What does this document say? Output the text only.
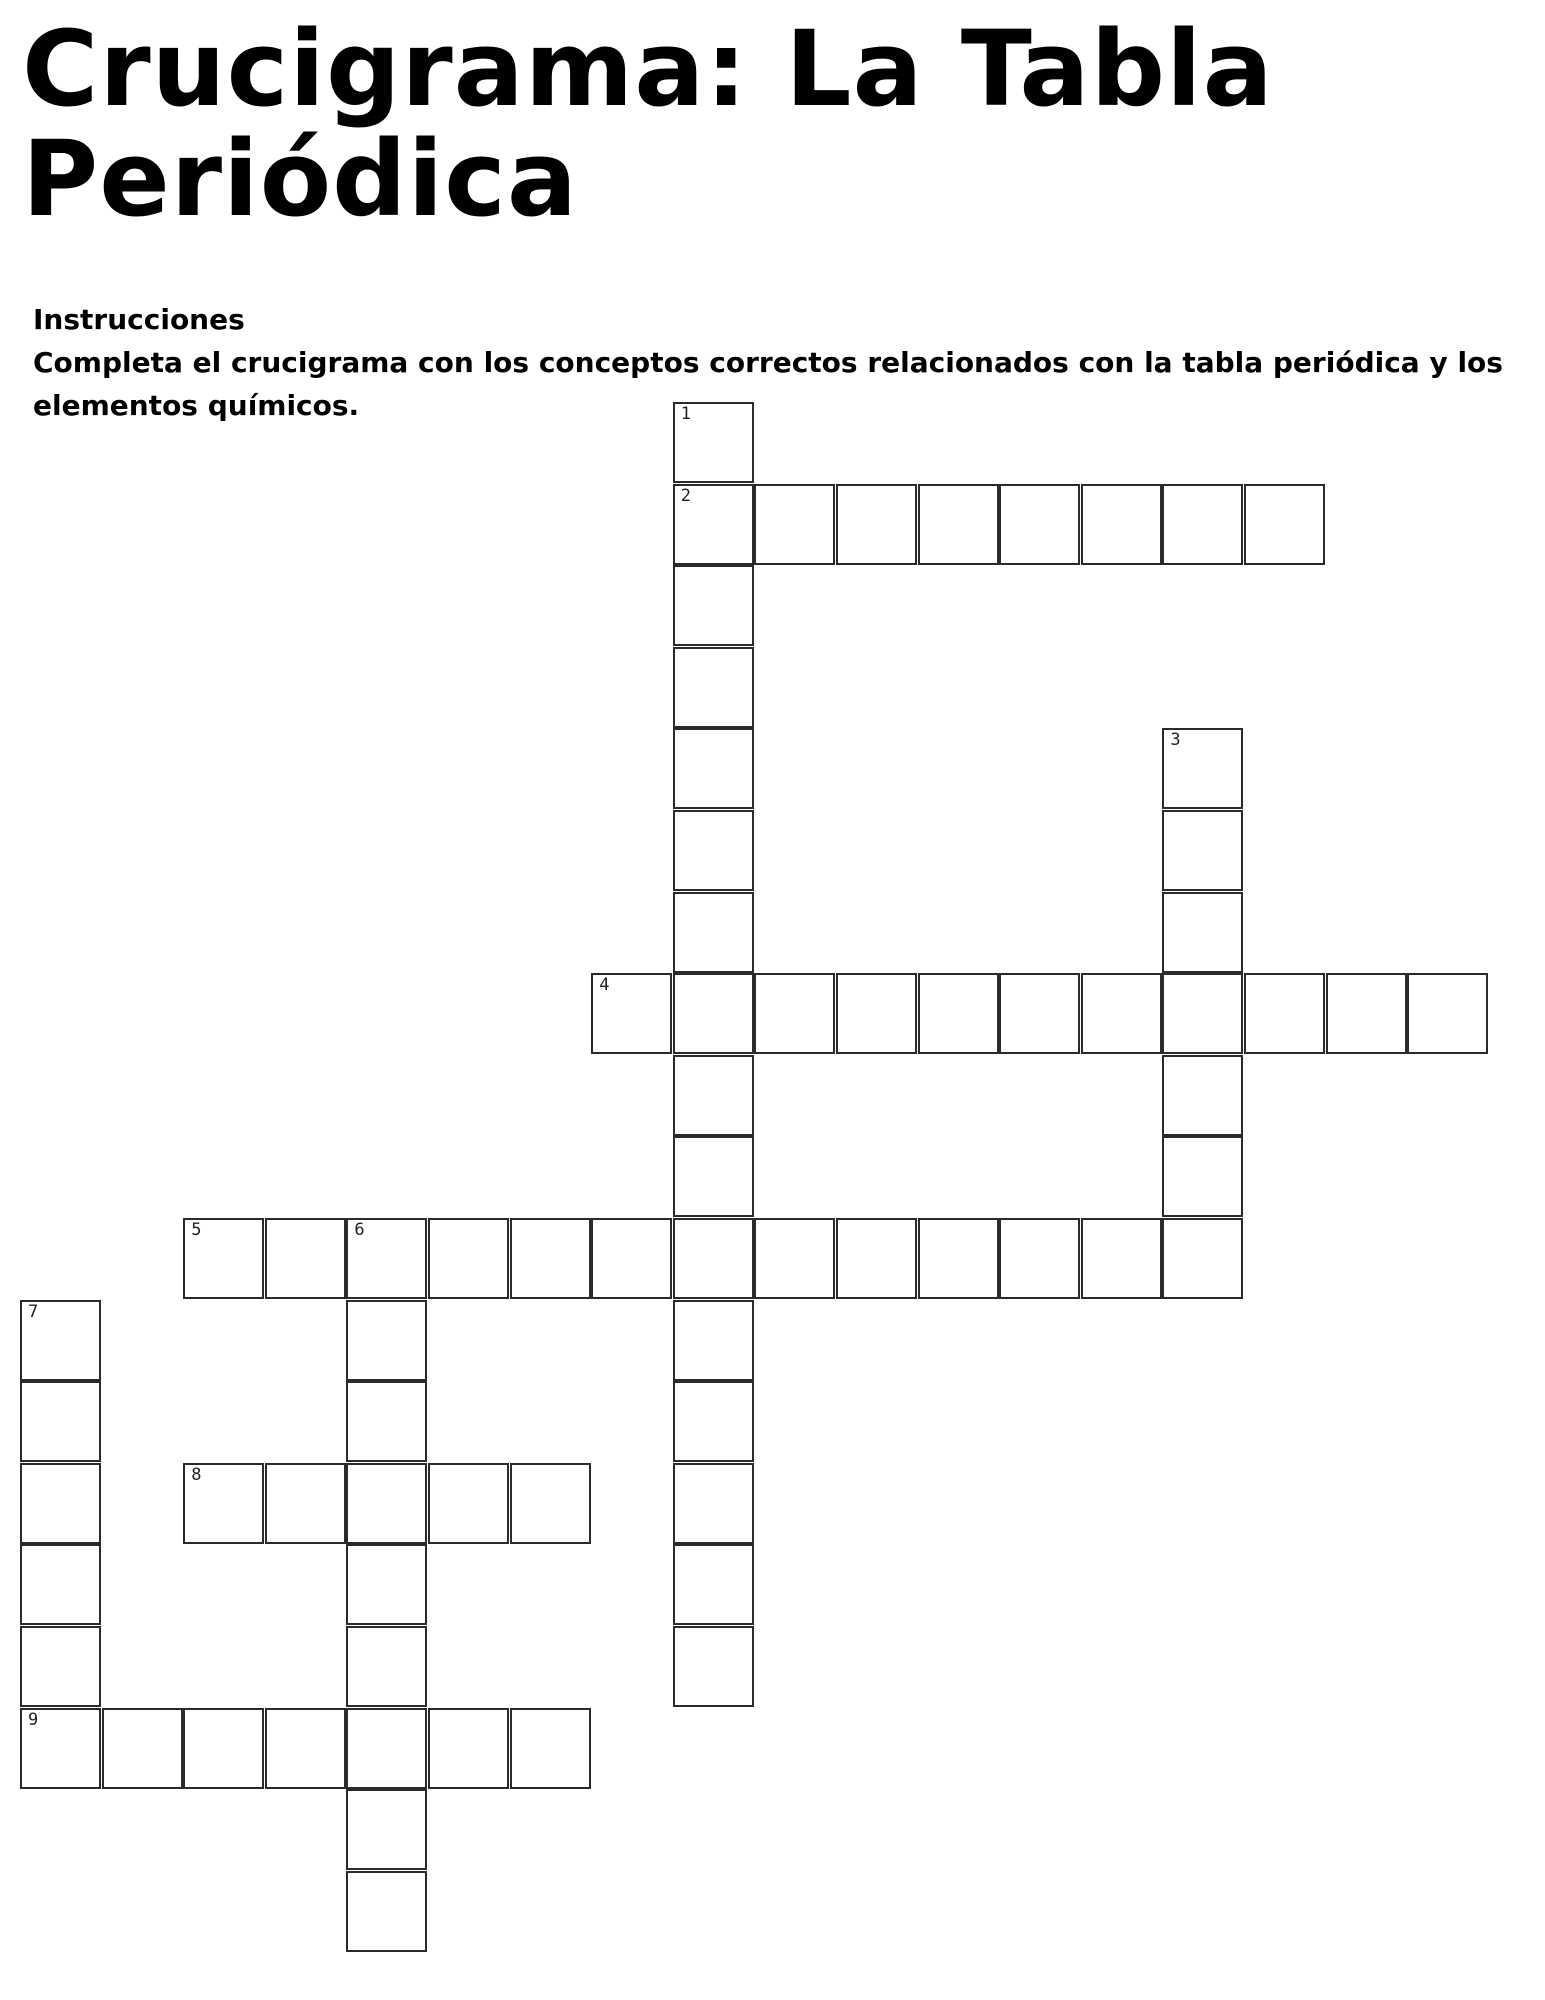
Crucigrama: La Tabla Periódica
Instrucciones
Completa el crucigrama con los conceptos correctos relacionados con la tabla periódica y los elementos químicos.	1
2
3
4
5	6
7
9
8
